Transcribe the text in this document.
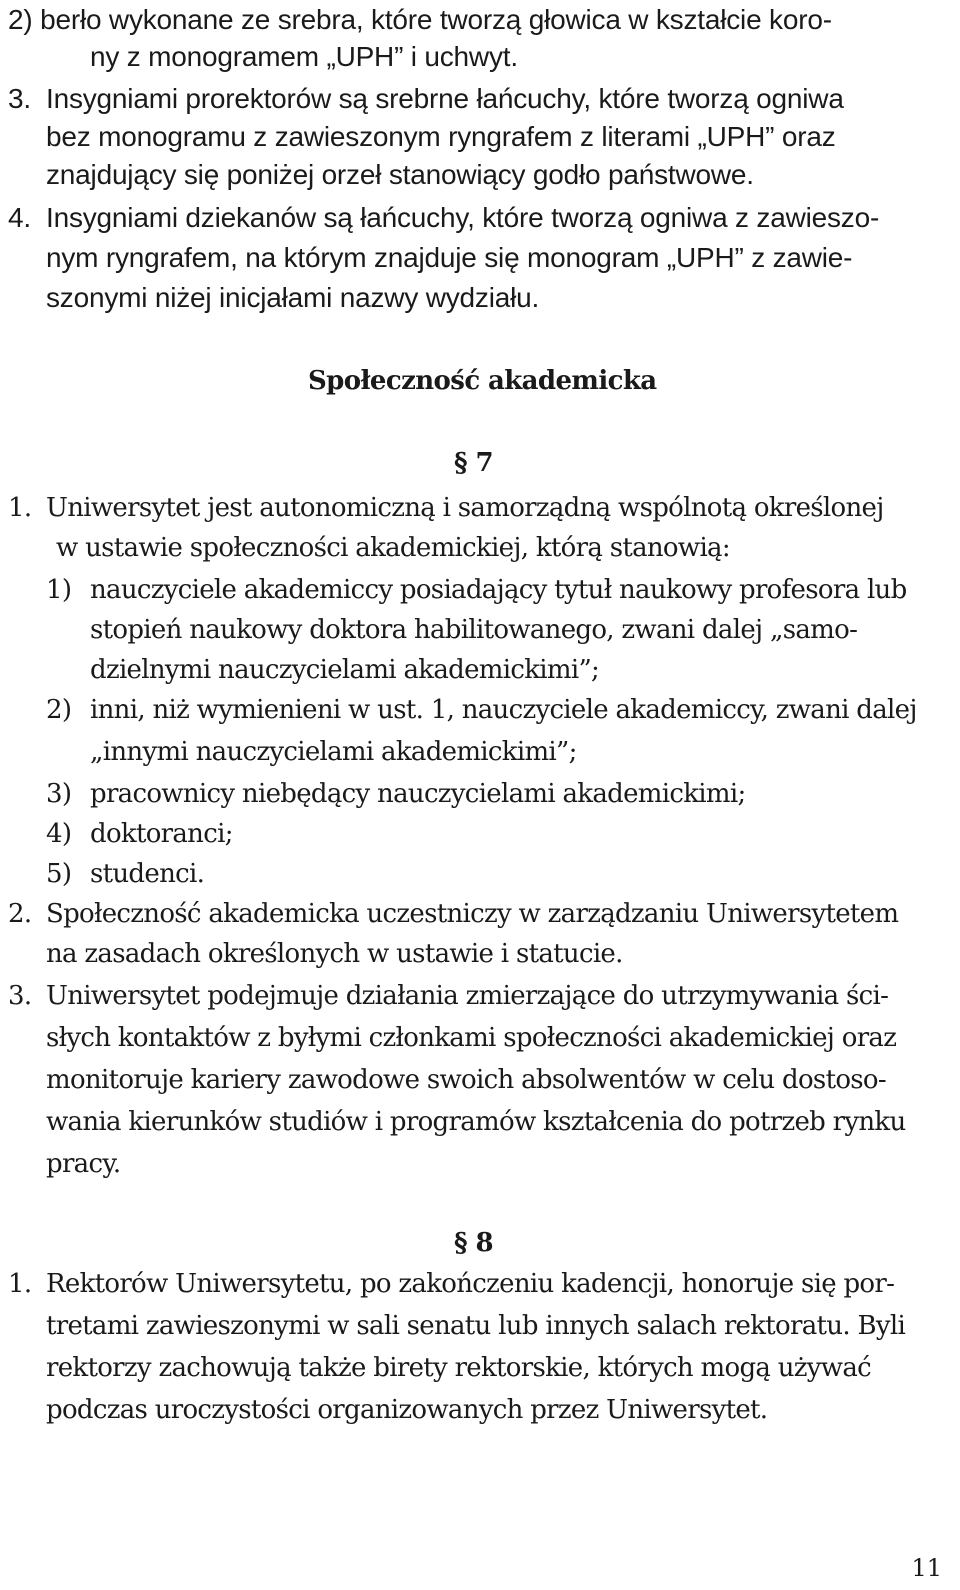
2) berło wykonane ze srebra, które tworzą głowica w kształcie koro-
ny z monogramem „UPH” i uchwyt.
3. Insygniami prorektorów są srebrne łańcuchy, które tworzą ogniwa
bez monogramu z zawieszonym ryngrafem z literami „UPH” oraz
znajdujący się poniżej orzeł stanowiący godło państwowe.
4. Insygniami dziekanów są łańcuchy, które tworzą ogniwa z zawieszo-
nym ryngrafem, na którym znajduje się monogram „UPH” z zawie-
szonymi niżej inicjałami nazwy wydziału.
Społeczność akademicka
§ 7
1. Uniwersytet jest autonomiczną i samorządną wspólnotą określonej
w ustawie społeczności akademickiej, którą stanowią:
1) nauczyciele akademiccy posiadający tytuł naukowy profesora lub
stopień naukowy doktora habilitowanego, zwani dalej „samo-
dzielnymi nauczycielami akademickimi”;
2) inni, niż wymienieni w ust. 1, nauczyciele akademiccy, zwani dalej
„innymi nauczycielami akademickimi”;
3) pracownicy niebędący nauczycielami akademickimi;
4) doktoranci;
5) studenci.
2. Społeczność akademicka uczestniczy w zarządzaniu Uniwersytetem
na zasadach określonych w ustawie i statucie.
3. Uniwersytet podejmuje działania zmierzające do utrzymywania ści-
słych kontaktów z byłymi członkami społeczności akademickiej oraz
monitoruje kariery zawodowe swoich absolwentów w celu dostoso-
wania kierunków studiów i programów kształcenia do potrzeb rynku
pracy.
§ 8
1. Rektorów Uniwersytetu, po zakończeniu kadencji, honoruje się por-
tretami zawieszonymi w sali senatu lub innych salach rektoratu. Byli
rektorzy zachowują także birety rektorskie, których mogą używać
podczas uroczystości organizowanych przez Uniwersytet.
11
